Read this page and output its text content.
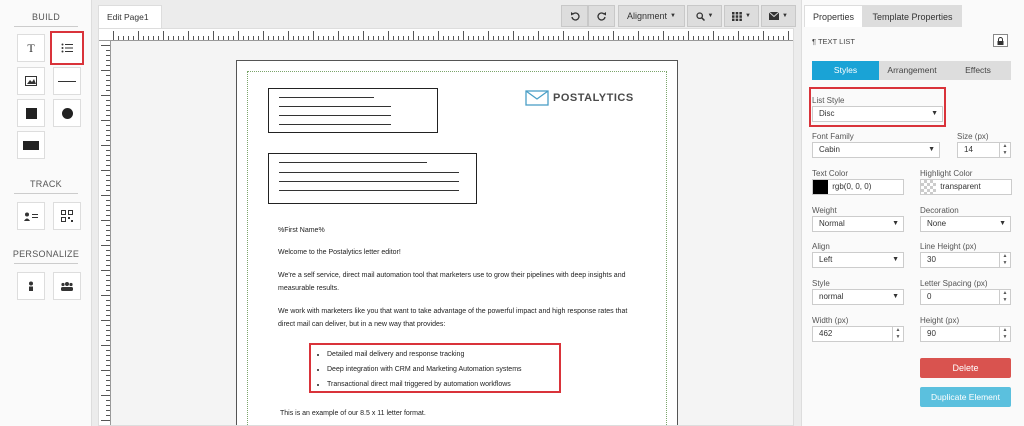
BUILD
T
TRACK
PERSONALIZE
Edit Page1	Alignment ▼	▼	▼	▼
POSTALYTICS
%First Name%
Welcome to the Postalytics letter editor!
We're a self service, direct mail automation tool that marketers use to grow their pipelines with deep insights and measurable results.
We work with marketers like you that want to take advantage of the powerful impact and high response rates that direct mail can deliver, but in a new way that provides:
• Detailed mail delivery and response tracking
• Deep integration with CRM and Marketing Automation systems
• Transactional direct mail triggered by automation workflows
This is an example of our 8.5 x 11 letter format.
Properties	Template Properties
¶ TEXT LIST
Styles	Arrangement	Effects
List Style
Disc	▼
Font Family
Cabin	▼
Size (px)
14	▲
▼
Text Color
rgb(0, 0, 0)
Highlight Color
transparent
Weight
Normal	▼
Decoration
None	▼
Align
Left	▼
Line Height (px)
30	▲
▼
Style
normal	▼
Letter Spacing (px)
0	▲
▼
Width (px)
462	▲
▼
Height (px)
90	▲
▼
Delete
Duplicate Element
